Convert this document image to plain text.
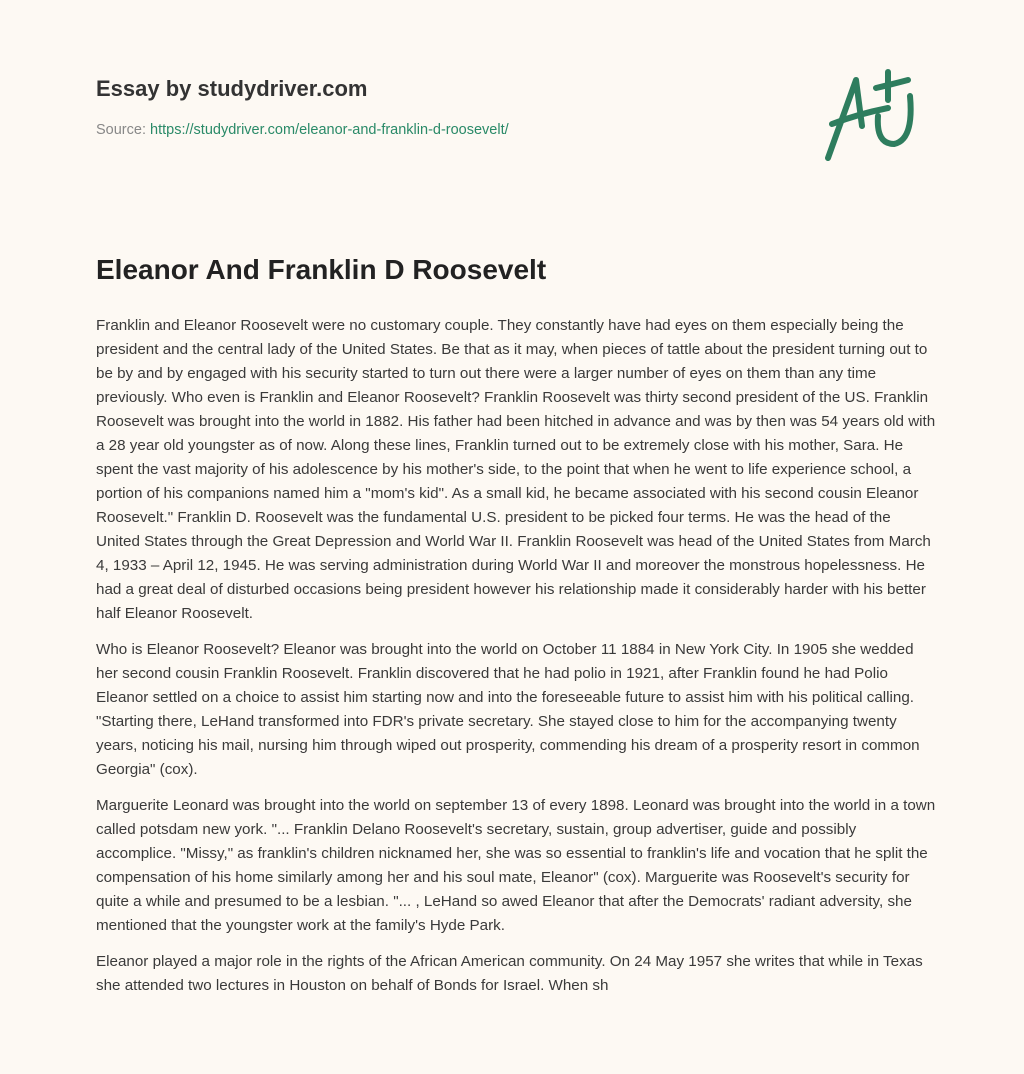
Essay by studydriver.com
Source: https://studydriver.com/eleanor-and-franklin-d-roosevelt/
Eleanor And Franklin D Roosevelt

Franklin and Eleanor Roosevelt were no customary couple. They constantly have had eyes on them especially being the president and the central lady of the United States. Be that as it may, when pieces of tattle about the president turning out to be by and by engaged with his security started to turn out there were a larger number of eyes on them than any time previously. Who even is Franklin and Eleanor Roosevelt? Franklin Roosevelt was thirty second president of the US. Franklin Roosevelt was brought into the world in 1882. His father had been hitched in advance and was by then was 54 years old with a 28 year old youngster as of now. Along these lines, Franklin turned out to be extremely close with his mother, Sara. He spent the vast majority of his adolescence by his mother's side, to the point that when he went to life experience school, a portion of his companions named him a "mom's kid". As a small kid, he became associated with his second cousin Eleanor Roosevelt." Franklin D. Roosevelt was the fundamental U.S. president to be picked four terms. He was the head of the United States through the Great Depression and World War II. Franklin Roosevelt was head of the United States from March 4, 1933 – April 12, 1945. He was serving administration during World War II and moreover the monstrous hopelessness. He had a great deal of disturbed occasions being president however his relationship made it considerably harder with his better half Eleanor Roosevelt.

Who is Eleanor Roosevelt? Eleanor was brought into the world on October 11 1884 in New York City. In 1905 she wedded her second cousin Franklin Roosevelt. Franklin discovered that he had polio in 1921, after Franklin found he had Polio Eleanor settled on a choice to assist him starting now and into the foreseeable future to assist him with his political calling. "Starting there, LeHand transformed into FDR's private secretary. She stayed close to him for the accompanying twenty years, noticing his mail, nursing him through wiped out prosperity, commending his dream of a prosperity resort in common Georgia" (cox).

Marguerite Leonard was brought into the world on september 13 of every 1898. Leonard was brought into the world in a town called potsdam new york. "... Franklin Delano Roosevelt's secretary, sustain, group advertiser, guide and possibly accomplice. "Missy," as franklin's children nicknamed her, she was so essential to franklin's life and vocation that he split the compensation of his home similarly among her and his soul mate, Eleanor" (cox). Marguerite was Roosevelt's security for quite a while and presumed to be a lesbian. "... , LeHand so awed Eleanor that after the Democrats' radiant adversity, she mentioned that the youngster work at the family's Hyde Park.

Eleanor played a major role in the rights of the African American community. On 24 May 1957 she writes that while in Texas she attended two lectures in Houston on behalf of Bonds for Israel. When sh
